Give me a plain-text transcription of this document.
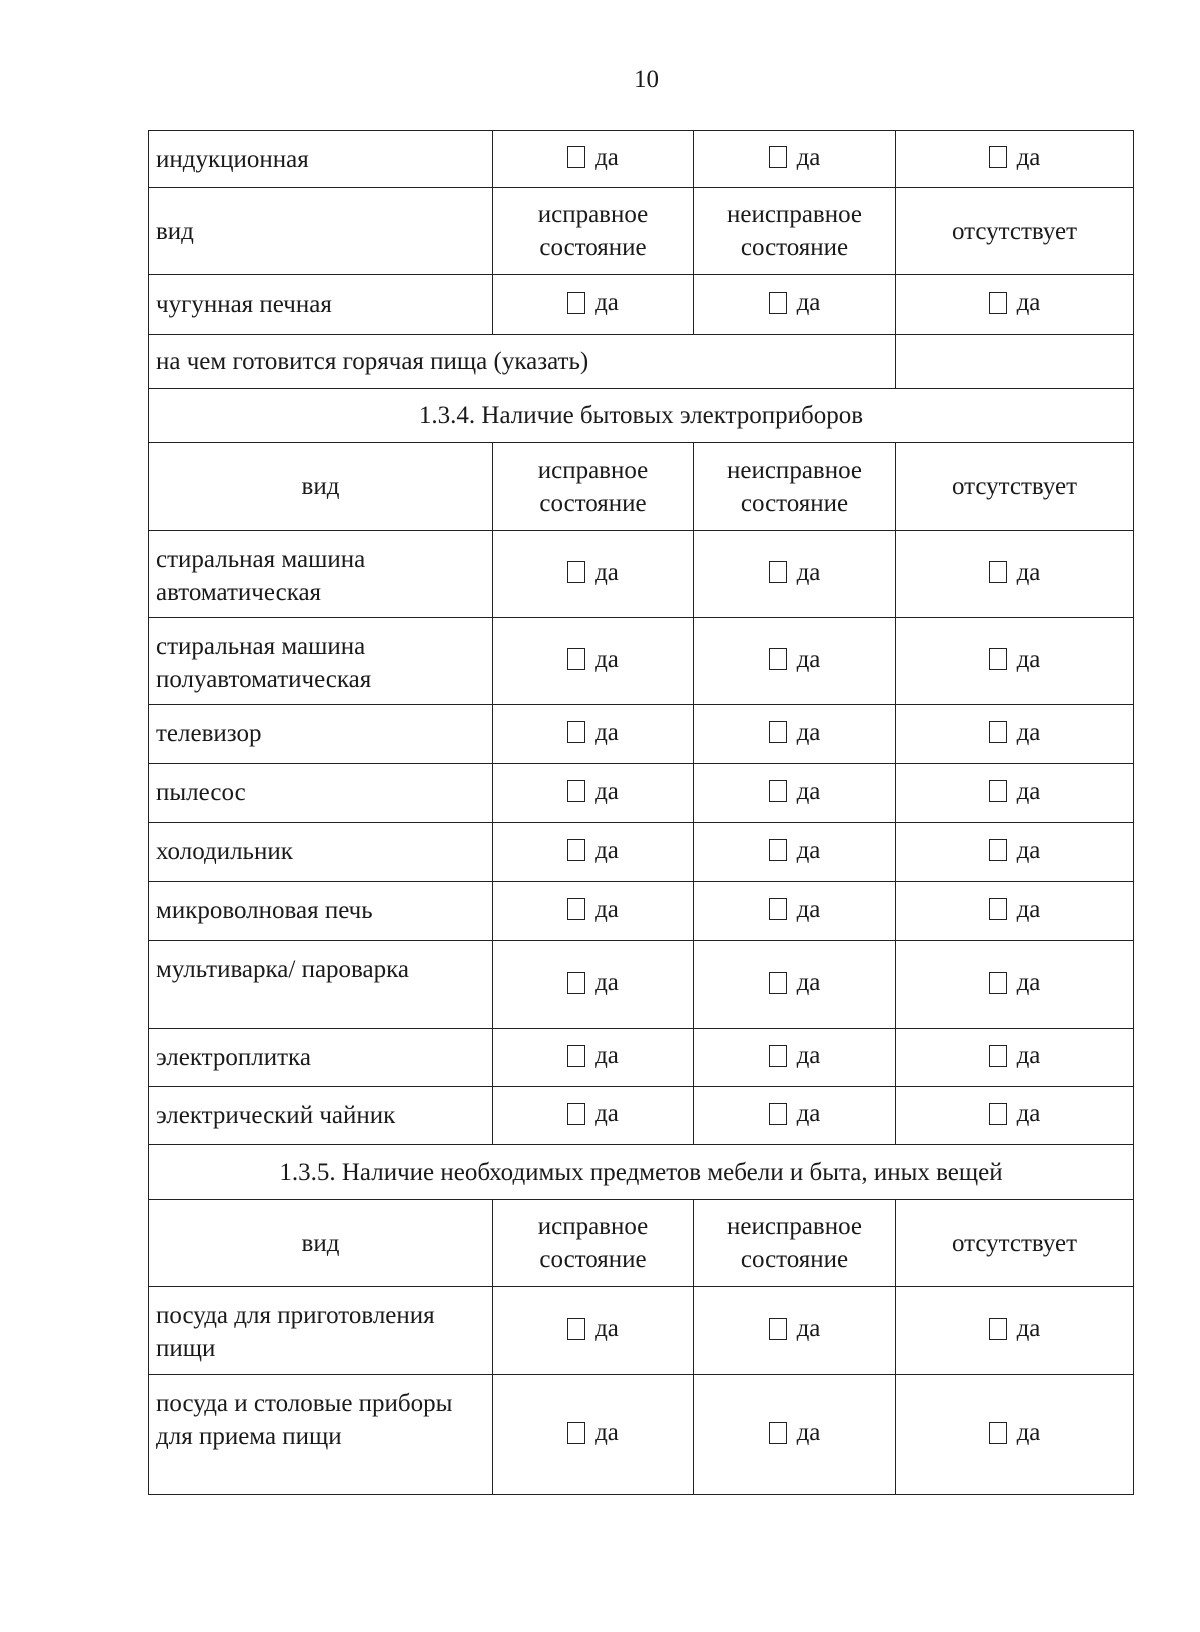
10
индукционная	да	да	да

вид	исправное состояние	неисправное состояние	отсутствует
чугунная печная	да	да	да

на чем готовится горячая пища (указать)			
1.3.4. Наличие бытовых электроприборов			
вид	исправное состояние	неисправное состояние	отсутствует
стиральная машина автоматическая	да	да	да

стиральная машина полуавтоматическая	да	да	да

телевизор	да	да	да

пылесос	да	да	да

холодильник	да	да	да

микроволновая печь	да	да	да

мультиварка/ пароварка	да	да	да

электроплитка	да	да	да

электрический чайник	да	да	да

1.3.5. Наличие необходимых предметов мебели и быта, иных вещей			
вид	исправное состояние	неисправное состояние	отсутствует
посуда для приготовления пищи	да	да	да

посуда и столовые приборы для приема пищи	да	да	да
